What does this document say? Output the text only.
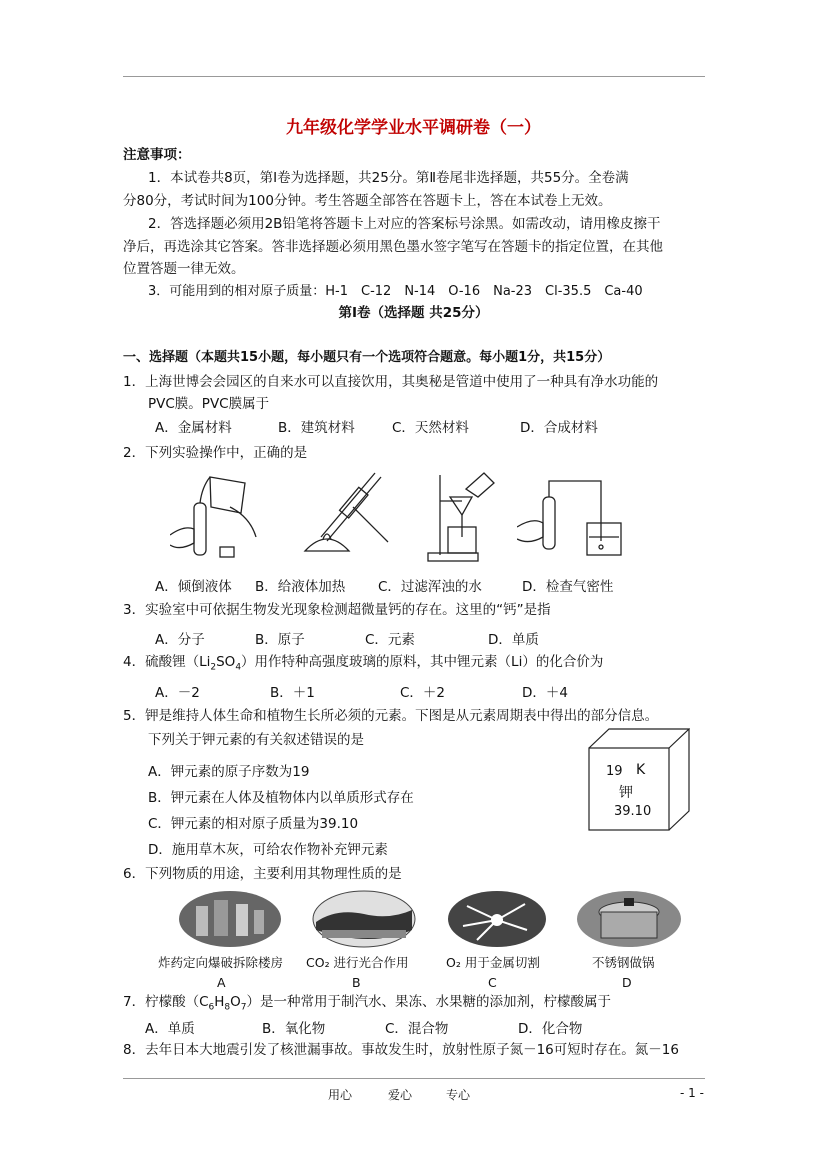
九年级化学学业水平调研卷（一）
注意事项：
1．本试卷共8页，第Ⅰ卷为选择题，共25分。第Ⅱ卷尾非选择题，共55分。全卷满
分80分，考试时间为100分钟。考生答题全部答在答题卡上，答在本试卷上无效。
2．答选择题必须用2B铅笔将答题卡上对应的答案标号涂黑。如需改动，请用橡皮擦干
净后，再选涂其它答案。答非选择题必须用黑色墨水签字笔写在答题卡的指定位置，在其他
位置答题一律无效。
3．可能用到的相对原子质量：H-1　C-12　N-14　O-16　Na-23　Cl-35.5　Ca-40
第Ⅰ卷（选择题 共25分）
一、选择题（本题共15小题，每小题只有一个选项符合题意。每小题1分，共15分）
1．上海世博会会园区的自来水可以直接饮用，其奥秘是管道中使用了一种具有净水功能的
PVC膜。PVC膜属于
A．金属材料	B．建筑材料	C．天然材料	D．合成材料
2．下列实验操作中，正确的是
A．倾倒液体 B．给液体加热 C．过滤浑浊的水	D．检查气密性
3．实验室中可依据生物发光现象检测超微量钙的存在。这里的“钙”是指
A．分子	B．原子	C．元素	D．单质
4．硫酸锂$(Li_2SO_4)$用作特种高强度玻璃的原料，其中锂元素（Li）的化合价为
A．－2	B．＋1	C．＋2	D．＋4
5．钾是维持人体生命和植物生长所必须的元素。下图是从元素周期表中得出的部分信息。
下列关于钾元素的有关叙述错误的是
A．钾元素的原子序数为19
B．钾元素在人体及植物体内以单质形式存在
C．钾元素的相对原子质量为39.10
D．施用草木灰，可给农作物补充钾元素
19 K
钾
39.10
6．下列物质的用途，主要利用其物理性质的是
炸药定向爆破拆除楼房 CO₂ 进行光合作用	O₂ 用于金属切割	不锈钢做锅
A	B	C	D
7．柠檬酸$(C_6H_8O_7)$是一种常用于制汽水、果冻、水果糖的添加剂，柠檬酸属于
A．单质	B．氧化物	C．混合物	D．化合物
8．去年日本大地震引发了核泄漏事故。事故发生时，放射性原子氮－16可短时存在。氮－16
用心	爱心	专心	- 1 -
